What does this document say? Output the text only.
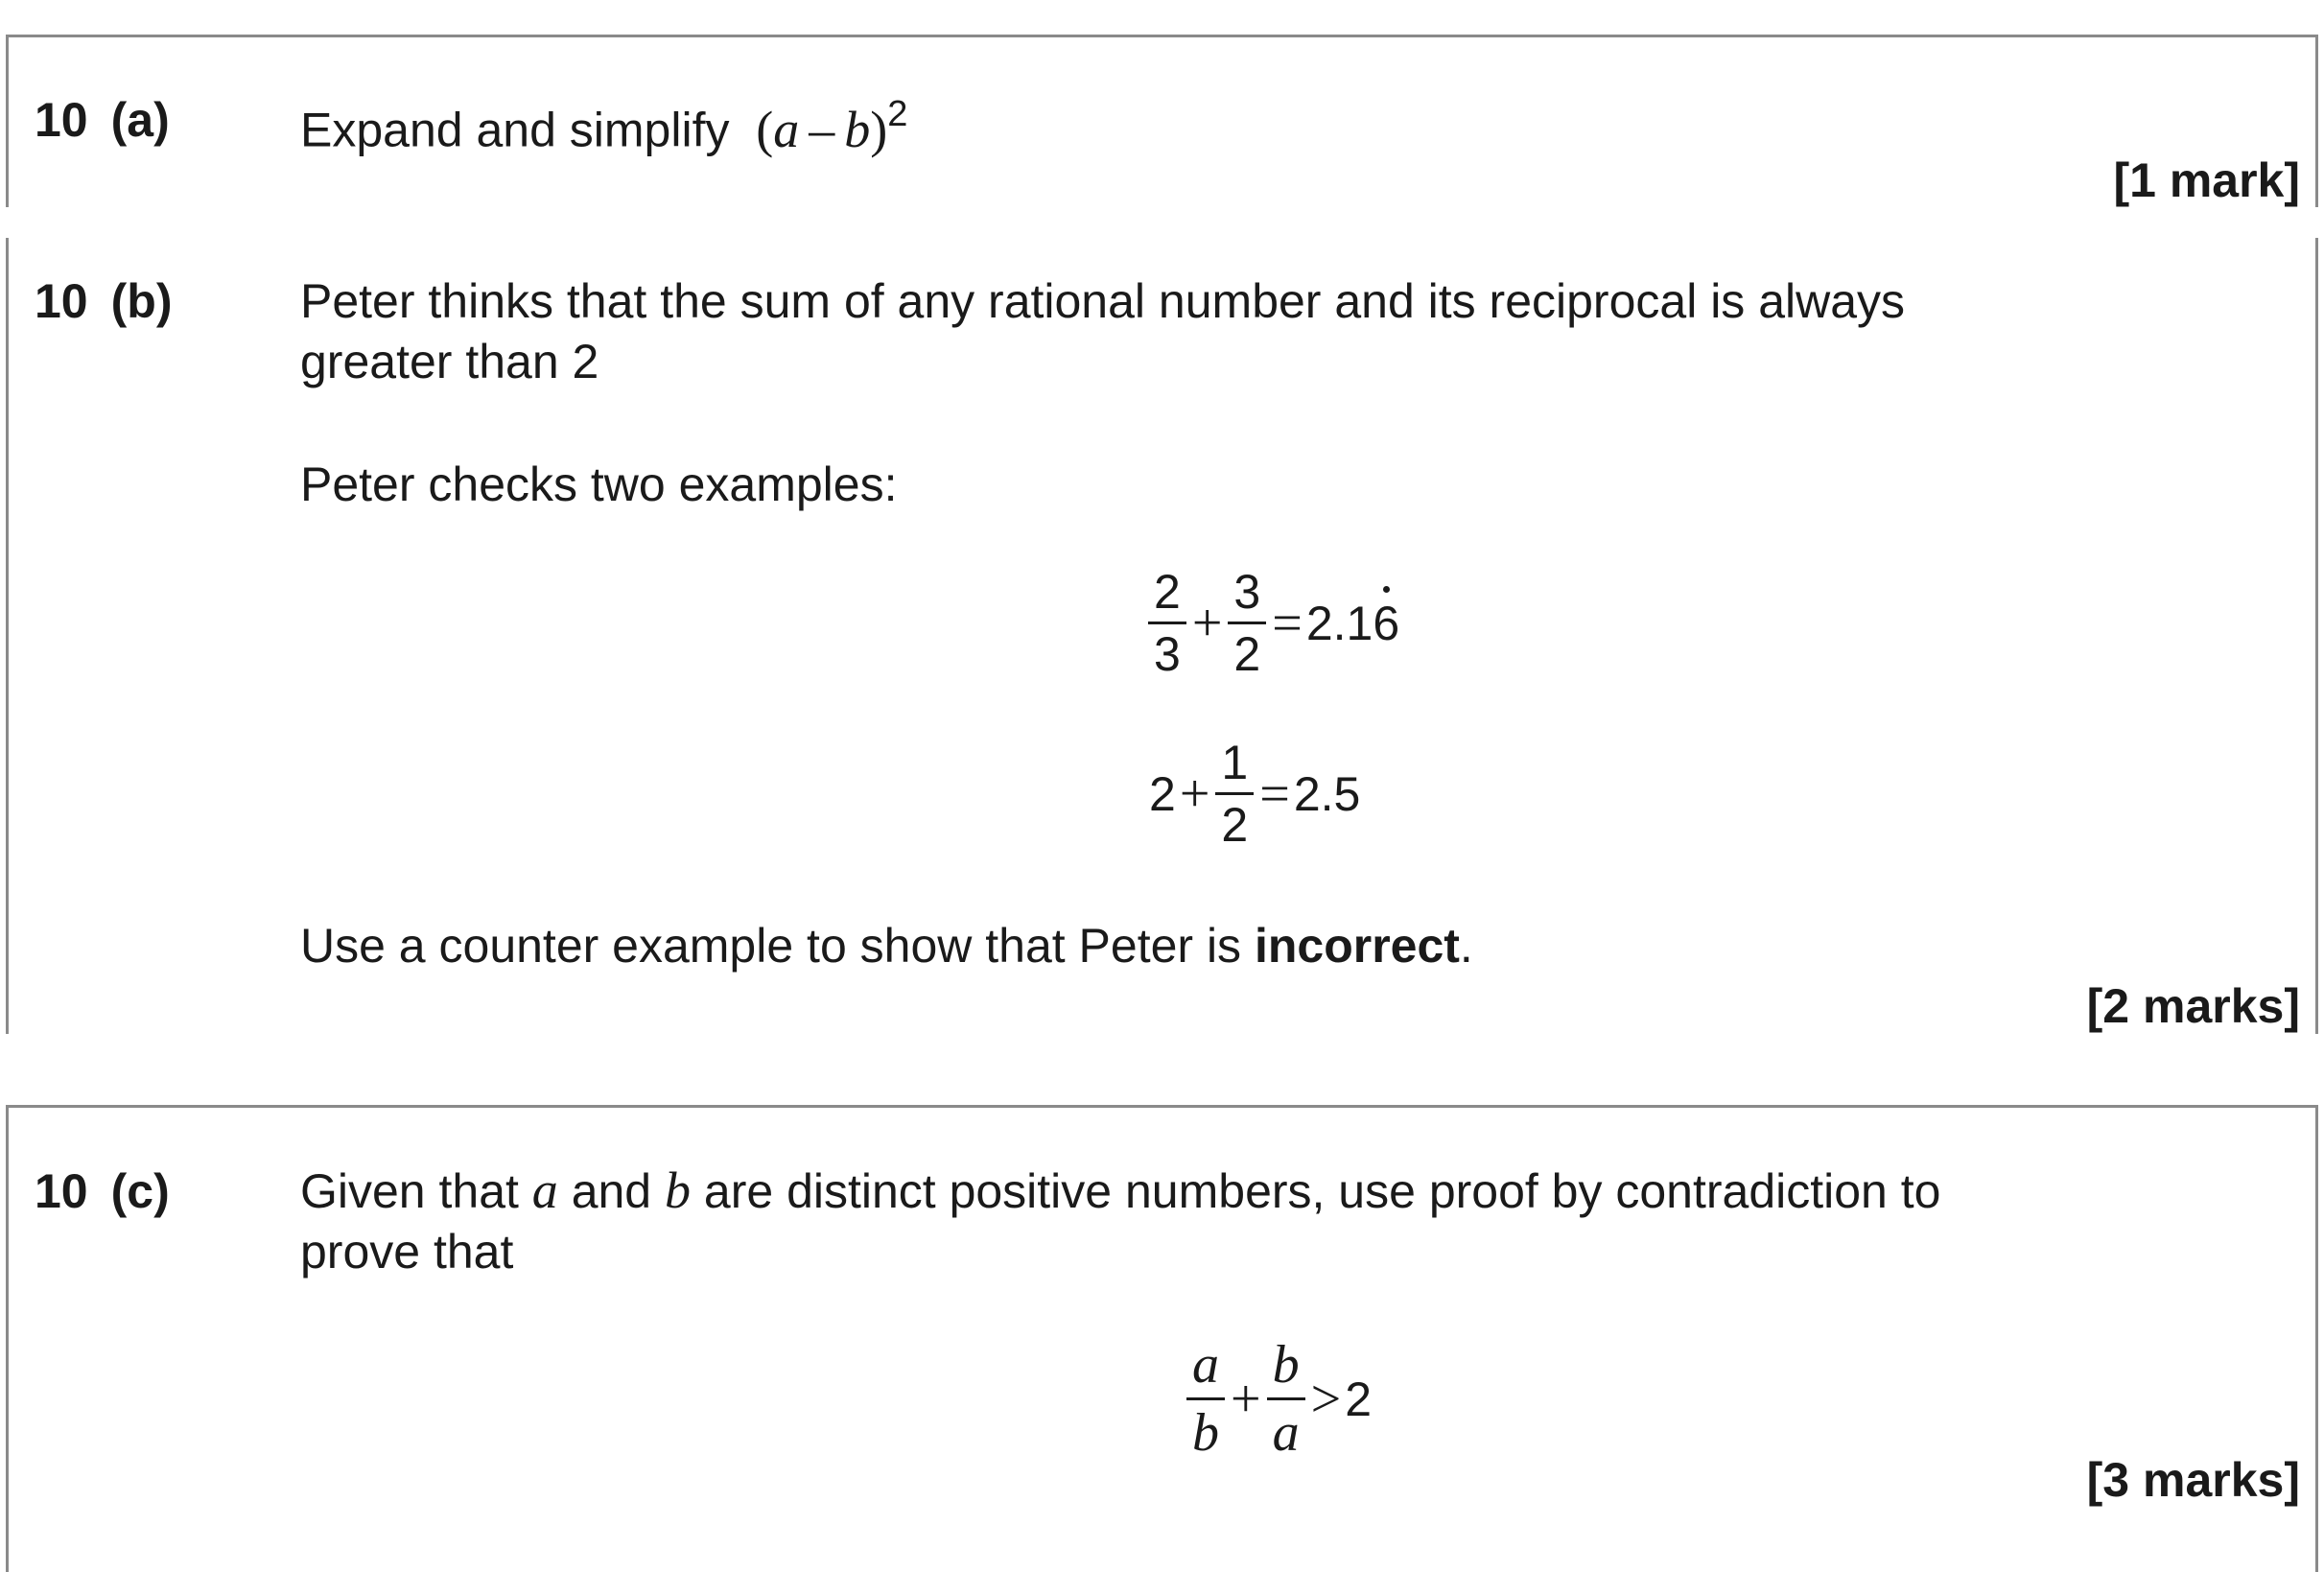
10 (a)	Expand and simplify (a – b)$^2$
[1 mark]
10 (b)	Peter thinks that the sum of any rational number and its reciprocal is always
greater than 2
Peter checks two examples:
$\frac{2}{3} + \frac{3}{2} = 2.16$
$2 + \frac{1}{2} = 2.5$
Use a counter example to show that Peter is incorrect.
[2 marks]
10 (c)	Given that a and b are distinct positive numbers, use proof by contradiction to
prove that
$\frac{a}{b} + \frac{b}{a} > 2$
[3 marks]
